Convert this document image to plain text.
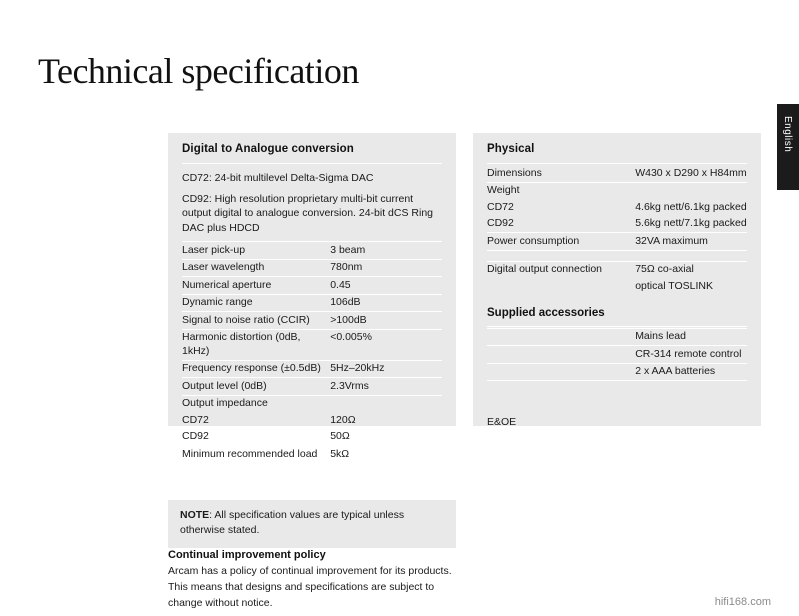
Technical specification
English
Digital to Analogue conversion
CD72: 24-bit multilevel Delta-Sigma DAC
CD92: High resolution proprietary multi-bit current output digital to analogue conversion. 24-bit dCS Ring DAC plus HDCD
Laser pick-up	3 beam
Laser wavelength	780nm
Numerical aperture	0.45
Dynamic range	106dB
Signal to noise ratio (CCIR)	>100dB
Harmonic distortion (0dB, 1kHz)	<0.005%
Frequency response (±0.5dB)	5Hz–20kHz
Output level (0dB)	2.3Vrms
Output impedance	
CD72	120Ω
CD92	50Ω
Minimum recommended load	5kΩ
Physical
Dimensions	W430 x D290 x H84mm
Weight	
CD72	4.6kg nett/6.1kg packed
CD92	5.6kg nett/7.1kg packed
Power consumption	32VA maximum

Digital output connection	75Ω co-axial
	optical TOSLINK
Supplied accessories
	Mains lead
	CR-314 remote control
	2 x AAA batteries

E&OE
NOTE: All specification values are typical unless otherwise stated.
Continual improvement policy

Arcam has a policy of continual improvement for its products. This means that designs and specifications are subject to change without notice.	hifi168.com
